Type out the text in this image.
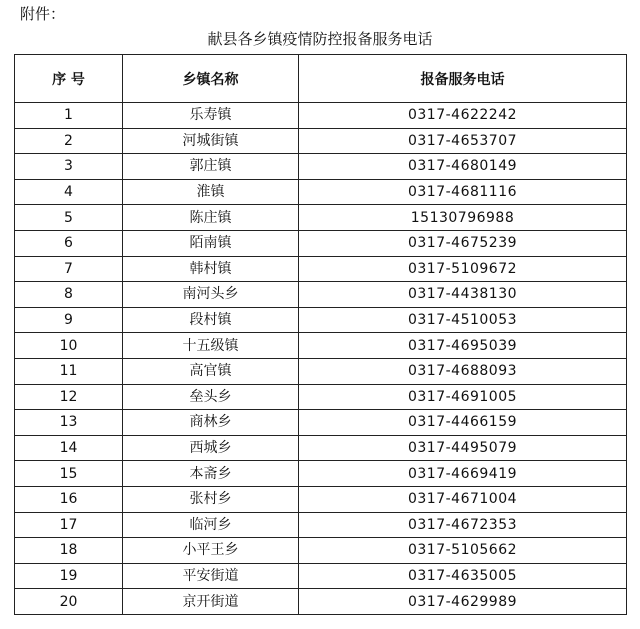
附件：
献县各乡镇疫情防控报备服务电话
序 号	乡镇名称	报备服务电话
1	乐寿镇	0317-4622242
2	河城街镇	0317-4653707
3	郭庄镇	0317-4680149
4	淮镇	0317-4681116
5	陈庄镇	15130796988
6	陌南镇	0317-4675239
7	韩村镇	0317-5109672
8	南河头乡	0317-4438130
9	段村镇	0317-4510053
10	十五级镇	0317-4695039
11	高官镇	0317-4688093
12	垒头乡	0317-4691005
13	商林乡	0317-4466159
14	西城乡	0317-4495079
15	本斋乡	0317-4669419
16	张村乡	0317-4671004
17	临河乡	0317-4672353
18	小平王乡	0317-5105662
19	平安街道	0317-4635005
20	京开街道	0317-4629989
